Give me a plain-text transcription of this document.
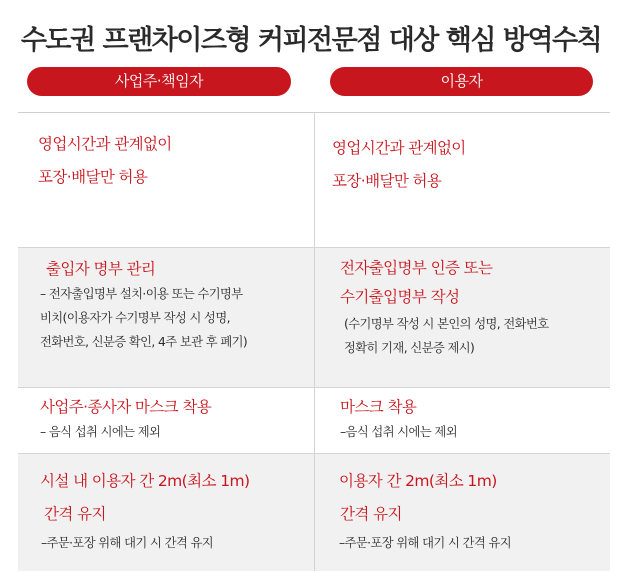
수도권 프랜차이즈형 커피전문점 대상 핵심 방역수칙
사업주·책임자	이용자
영업시간과 관계없이
포장·배달만 허용
영업시간과 관계없이
포장·배달만 허용
출입자 명부 관리
– 전자출입명부 설치·이용 또는 수기명부
비치(이용자가 수기명부 작성 시 성명,
전화번호, 신분증 확인, 4주 보관 후 폐기)
전자출입명부 인증 또는
수기출입명부 작성
(수기명부 작성 시 본인의 성명, 전화번호
정확히 기재, 신분증 제시)
사업주·종사자 마스크 착용
– 음식 섭취 시에는 제외
마스크 착용
–음식 섭취 시에는 제외
시설 내 이용자 간 2m(최소 1m)
간격 유지
–주문·포장 위해 대기 시 간격 유지
이용자 간 2m(최소 1m)
간격 유지
–주문·포장 위해 대기 시 간격 유지
